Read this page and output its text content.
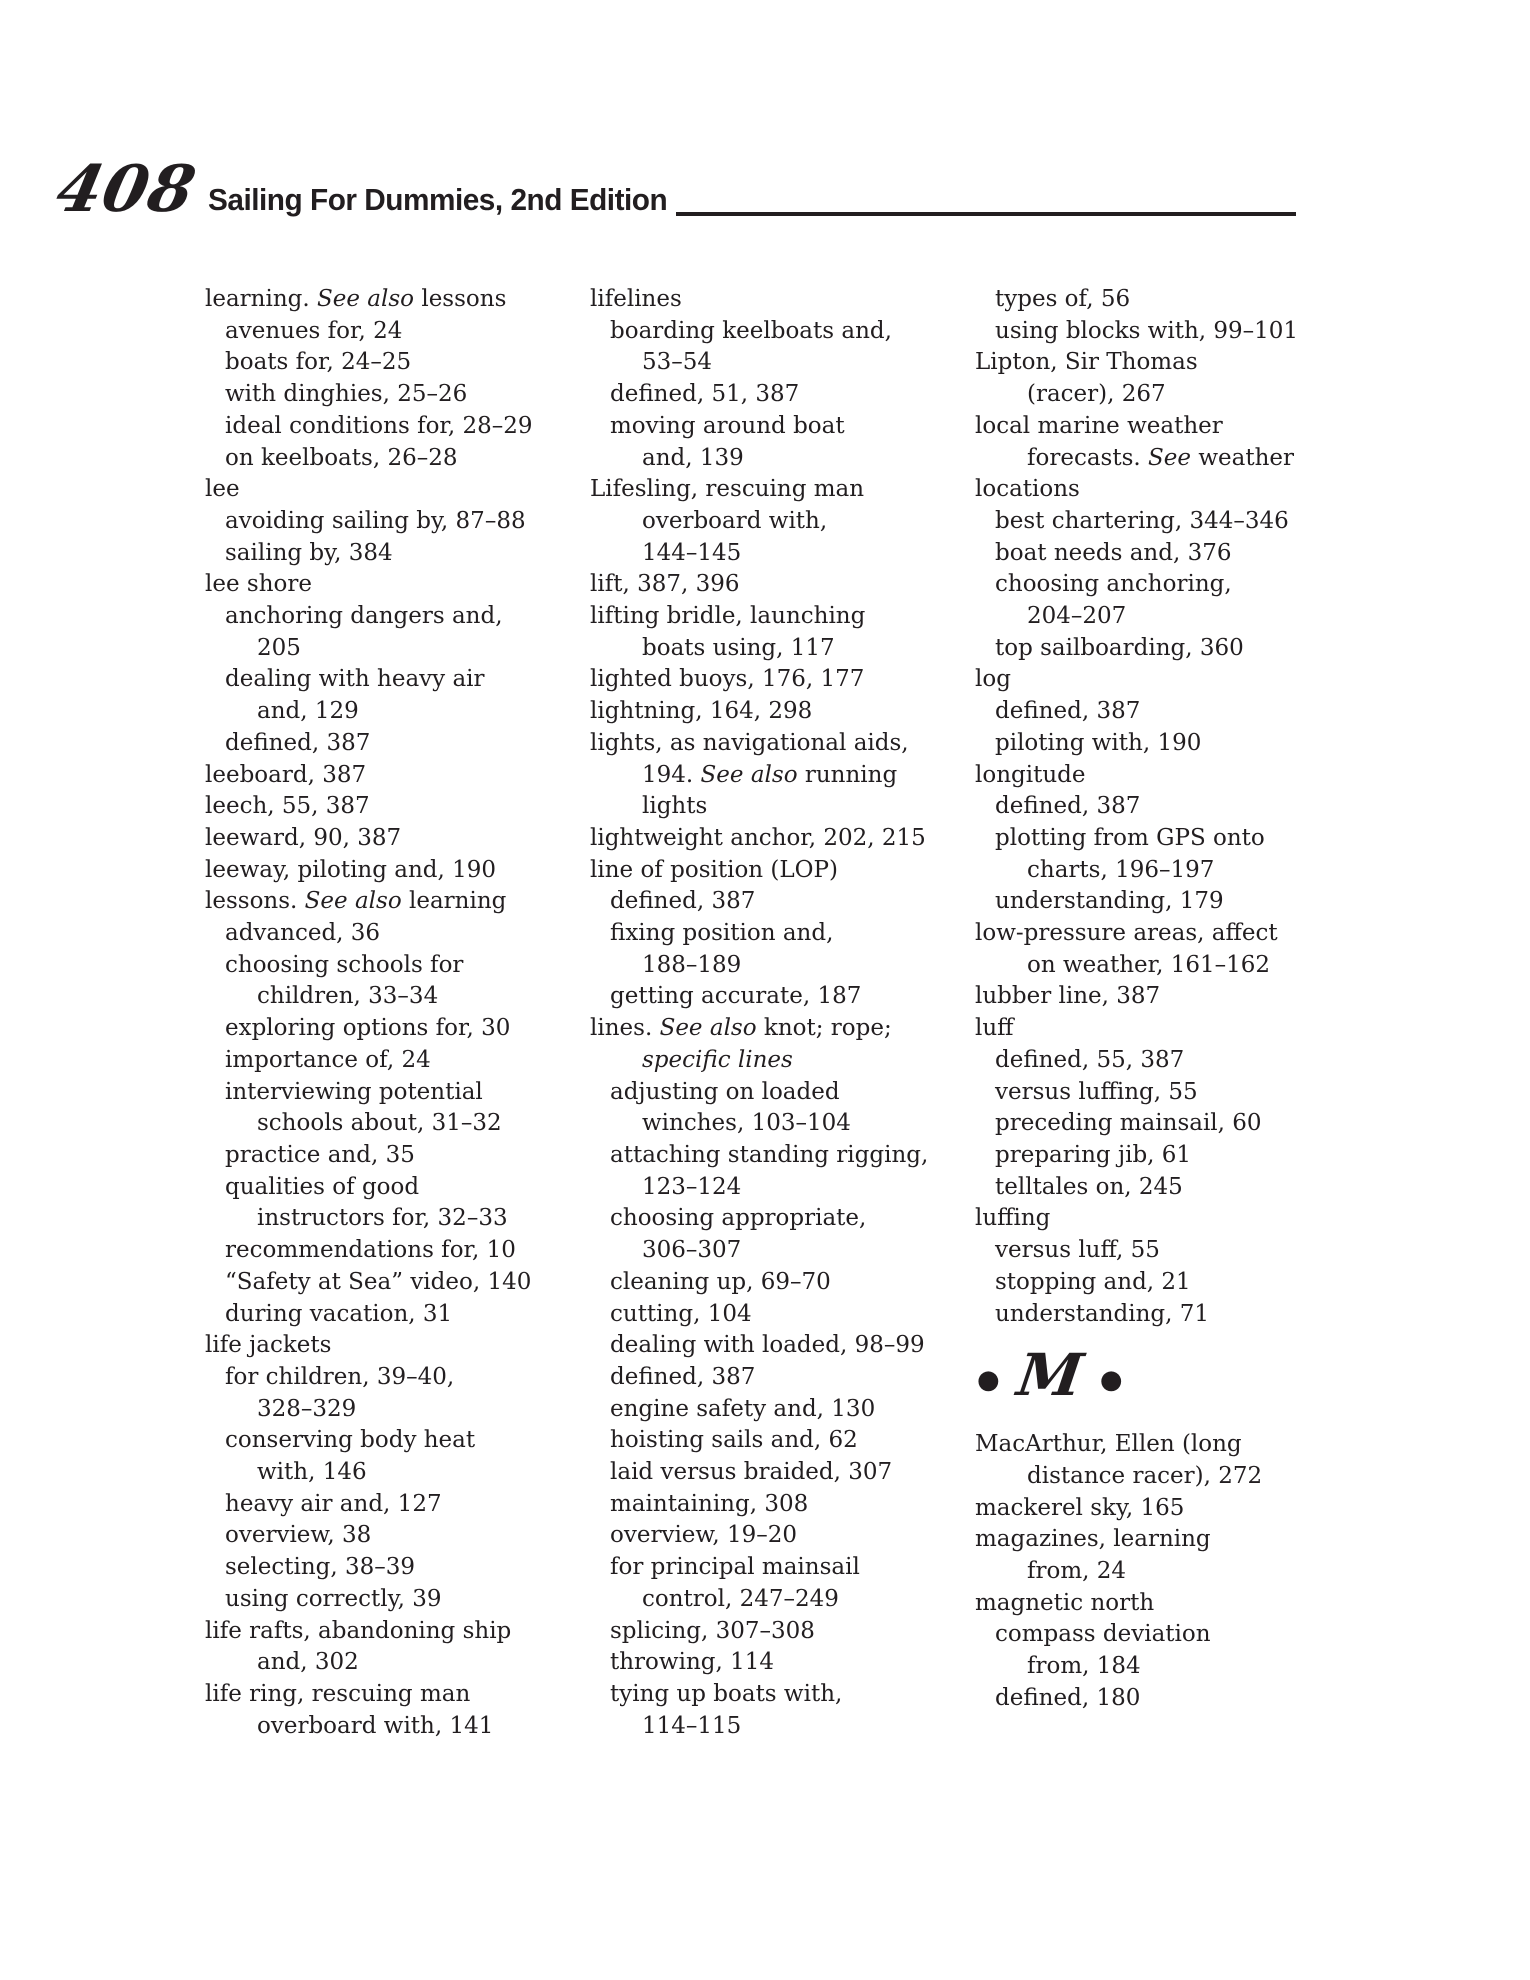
408 Sailing For Dummies, 2nd Edition
learning. See also lessons
avenues for, 24
boats for, 24–25
with dinghies, 25–26
ideal conditions for, 28–29
on keelboats, 26–28
lee
avoiding sailing by, 87–88
sailing by, 384
lee shore
anchoring dangers and,
205
dealing with heavy air
and, 129
defined, 387
leeboard, 387
leech, 55, 387
leeward, 90, 387
leeway, piloting and, 190
lessons. See also learning
advanced, 36
choosing schools for
children, 33–34
exploring options for, 30
importance of, 24
interviewing potential
schools about, 31–32
practice and, 35
qualities of good
instructors for, 32–33
recommendations for, 10
“Safety at Sea” video, 140
during vacation, 31
life jackets
for children, 39–40,
328–329
conserving body heat
with, 146
heavy air and, 127
overview, 38
selecting, 38–39
using correctly, 39
life rafts, abandoning ship
and, 302
life ring, rescuing man
overboard with, 141
lifelines
boarding keelboats and,
53–54
defined, 51, 387
moving around boat
and, 139
Lifesling, rescuing man
overboard with,
144–145
lift, 387, 396
lifting bridle, launching
boats using, 117
lighted buoys, 176, 177
lightning, 164, 298
lights, as navigational aids,
194. See also running
lights
lightweight anchor, 202, 215
line of position (LOP)
defined, 387
fixing position and,
188–189
getting accurate, 187
lines. See also knot; rope;
specific lines
adjusting on loaded
winches, 103–104
attaching standing rigging,
123–124
choosing appropriate,
306–307
cleaning up, 69–70
cutting, 104
dealing with loaded, 98–99
defined, 387
engine safety and, 130
hoisting sails and, 62
laid versus braided, 307
maintaining, 308
overview, 19–20
for principal mainsail
control, 247–249
splicing, 307–308
throwing, 114
tying up boats with,
114–115
types of, 56
using blocks with, 99–101
Lipton, Sir Thomas
(racer), 267
local marine weather
forecasts. See weather
locations
best chartering, 344–346
boat needs and, 376
choosing anchoring,
204–207
top sailboarding, 360
log
defined, 387
piloting with, 190
longitude
defined, 387
plotting from GPS onto
charts, 196–197
understanding, 179
low-pressure areas, affect
on weather, 161–162
lubber line, 387
luff
defined, 55, 387
versus luffing, 55
preceding mainsail, 60
preparing jib, 61
telltales on, 245
luffing
versus luff, 55
stopping and, 21
understanding, 71
● M ●
MacArthur, Ellen (long
distance racer), 272
mackerel sky, 165
magazines, learning
from, 24
magnetic north
compass deviation
from, 184
defined, 180
